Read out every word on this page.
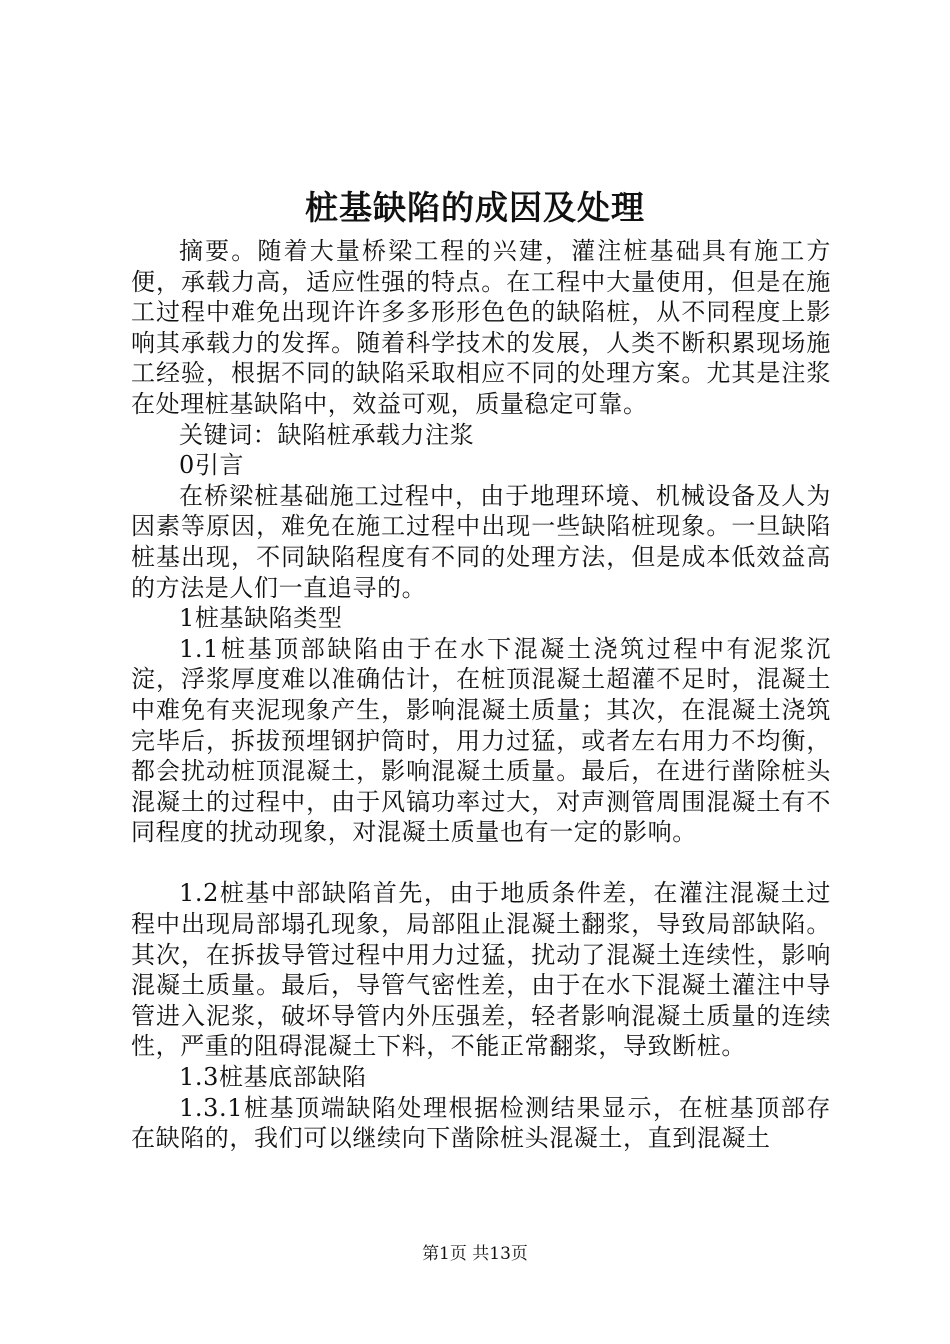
桩基缺陷的成因及处理

摘要。随着大量桥梁工程的兴建，灌注桩基础具有施工方便，承载力高，适应性强的特点。在工程中大量使用，但是在施工过程中难免出现许许多多形形色色的缺陷桩，从不同程度上影响其承载力的发挥。随着科学技术的发展，人类不断积累现场施工经验，根据不同的缺陷采取相应不同的处理方案。尤其是注浆在处理桩基缺陷中，效益可观，质量稳定可靠。

关键词：缺陷桩承载力注浆

0引言

在桥梁桩基础施工过程中，由于地理环境、机械设备及人为因素等原因，难免在施工过程中出现一些缺陷桩现象。一旦缺陷桩基出现，不同缺陷程度有不同的处理方法，但是成本低效益高的方法是人们一直追寻的。

1桩基缺陷类型

1.1桩基顶部缺陷由于在水下混凝土浇筑过程中有泥浆沉淀，浮浆厚度难以准确估计，在桩顶混凝土超灌不足时，混凝土中难免有夹泥现象产生，影响混凝土质量；其次，在混凝土浇筑完毕后，拆拔预埋钢护筒时，用力过猛，或者左右用力不均衡，都会扰动桩顶混凝土，影响混凝土质量。最后，在进行凿除桩头混凝土的过程中，由于风镐功率过大，对声测管周围混凝土有不同程度的扰动现象，对混凝土质量也有一定的影响。

1.2桩基中部缺陷首先，由于地质条件差，在灌注混凝土过程中出现局部塌孔现象，局部阻止混凝土翻浆，导致局部缺陷。其次，在拆拔导管过程中用力过猛，扰动了混凝土连续性，影响混凝土质量。最后，导管气密性差，由于在水下混凝土灌注中导管进入泥浆，破坏导管内外压强差，轻者影响混凝土质量的连续性，严重的阻碍混凝土下料，不能正常翻浆，导致断桩。

1.3桩基底部缺陷

1.3.1桩基顶端缺陷处理根据检测结果显示，在桩基顶部存在缺陷的，我们可以继续向下凿除桩头混凝土，直到混凝土

第1页 共13页
